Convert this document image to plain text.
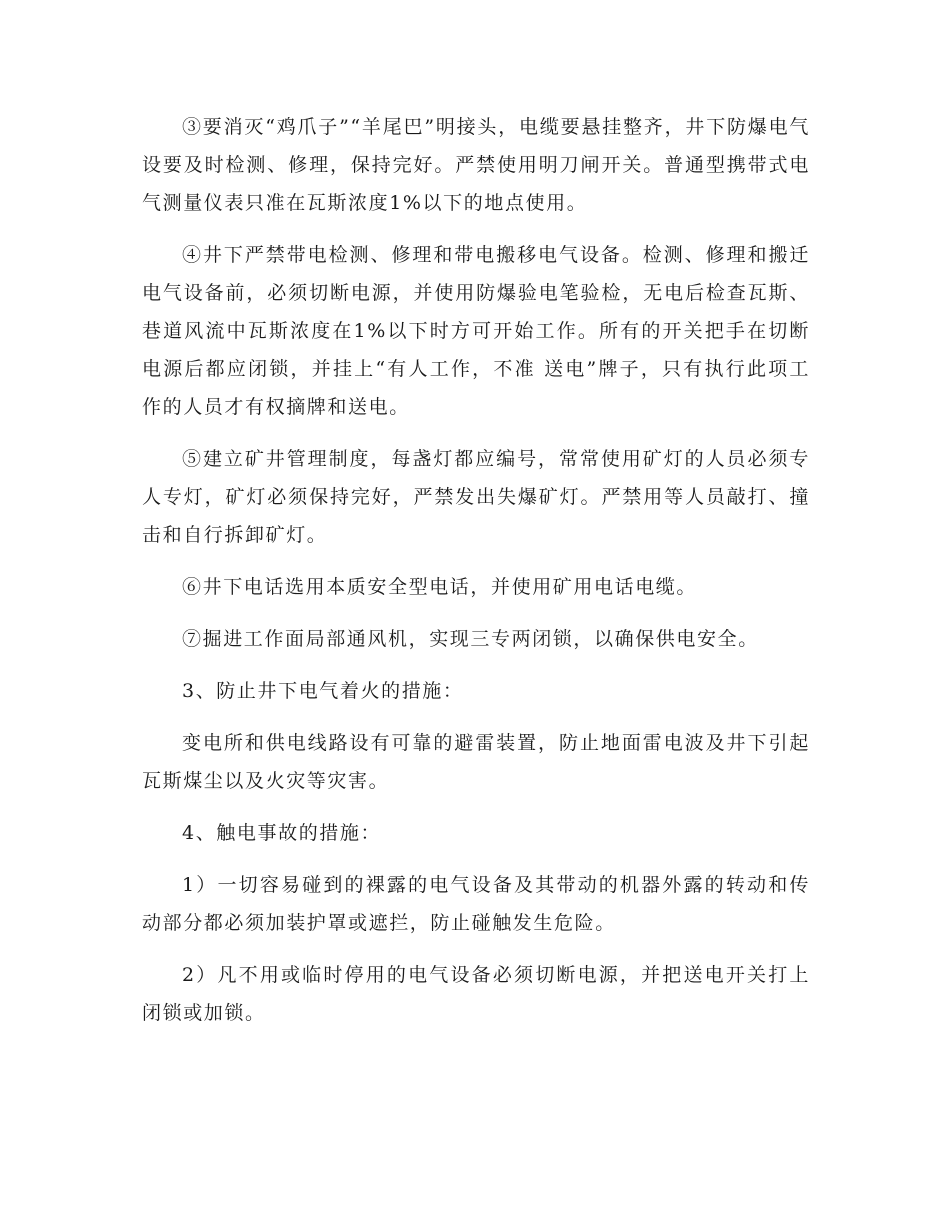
③要消灭“鸡爪子”“羊尾巴”明接头，电缆要悬挂整齐，井下防爆电气设要及时检测、修理，保持完好。严禁使用明刀闸开关。普通型携带式电气测量仪表只准在瓦斯浓度1%以下的地点使用。

④井下严禁带电检测、修理和带电搬移电气设备。检测、修理和搬迁电气设备前，必须切断电源，并使用防爆验电笔验检，无电后检查瓦斯、巷道风流中瓦斯浓度在1%以下时方可开始工作。所有的开关把手在切断电源后都应闭锁，并挂上“有人工作，不准 送电”牌子，只有执行此项工作的人员才有权摘牌和送电。

⑤建立矿井管理制度，每盏灯都应编号，常常使用矿灯的人员必须专人专灯，矿灯必须保持完好，严禁发出失爆矿灯。严禁用等人员敲打、撞击和自行拆卸矿灯。

⑥井下电话选用本质安全型电话，并使用矿用电话电缆。

⑦掘进工作面局部通风机，实现三专两闭锁，以确保供电安全。

3、防止井下电气着火的措施：

变电所和供电线路设有可靠的避雷装置，防止地面雷电波及井下引起瓦斯煤尘以及火灾等灾害。

4、触电事故的措施：

1）一切容易碰到的裸露的电气设备及其带动的机器外露的转动和传动部分都必须加装护罩或遮拦，防止碰触发生危险。

2）凡不用或临时停用的电气设备必须切断电源，并把送电开关打上闭锁或加锁。
